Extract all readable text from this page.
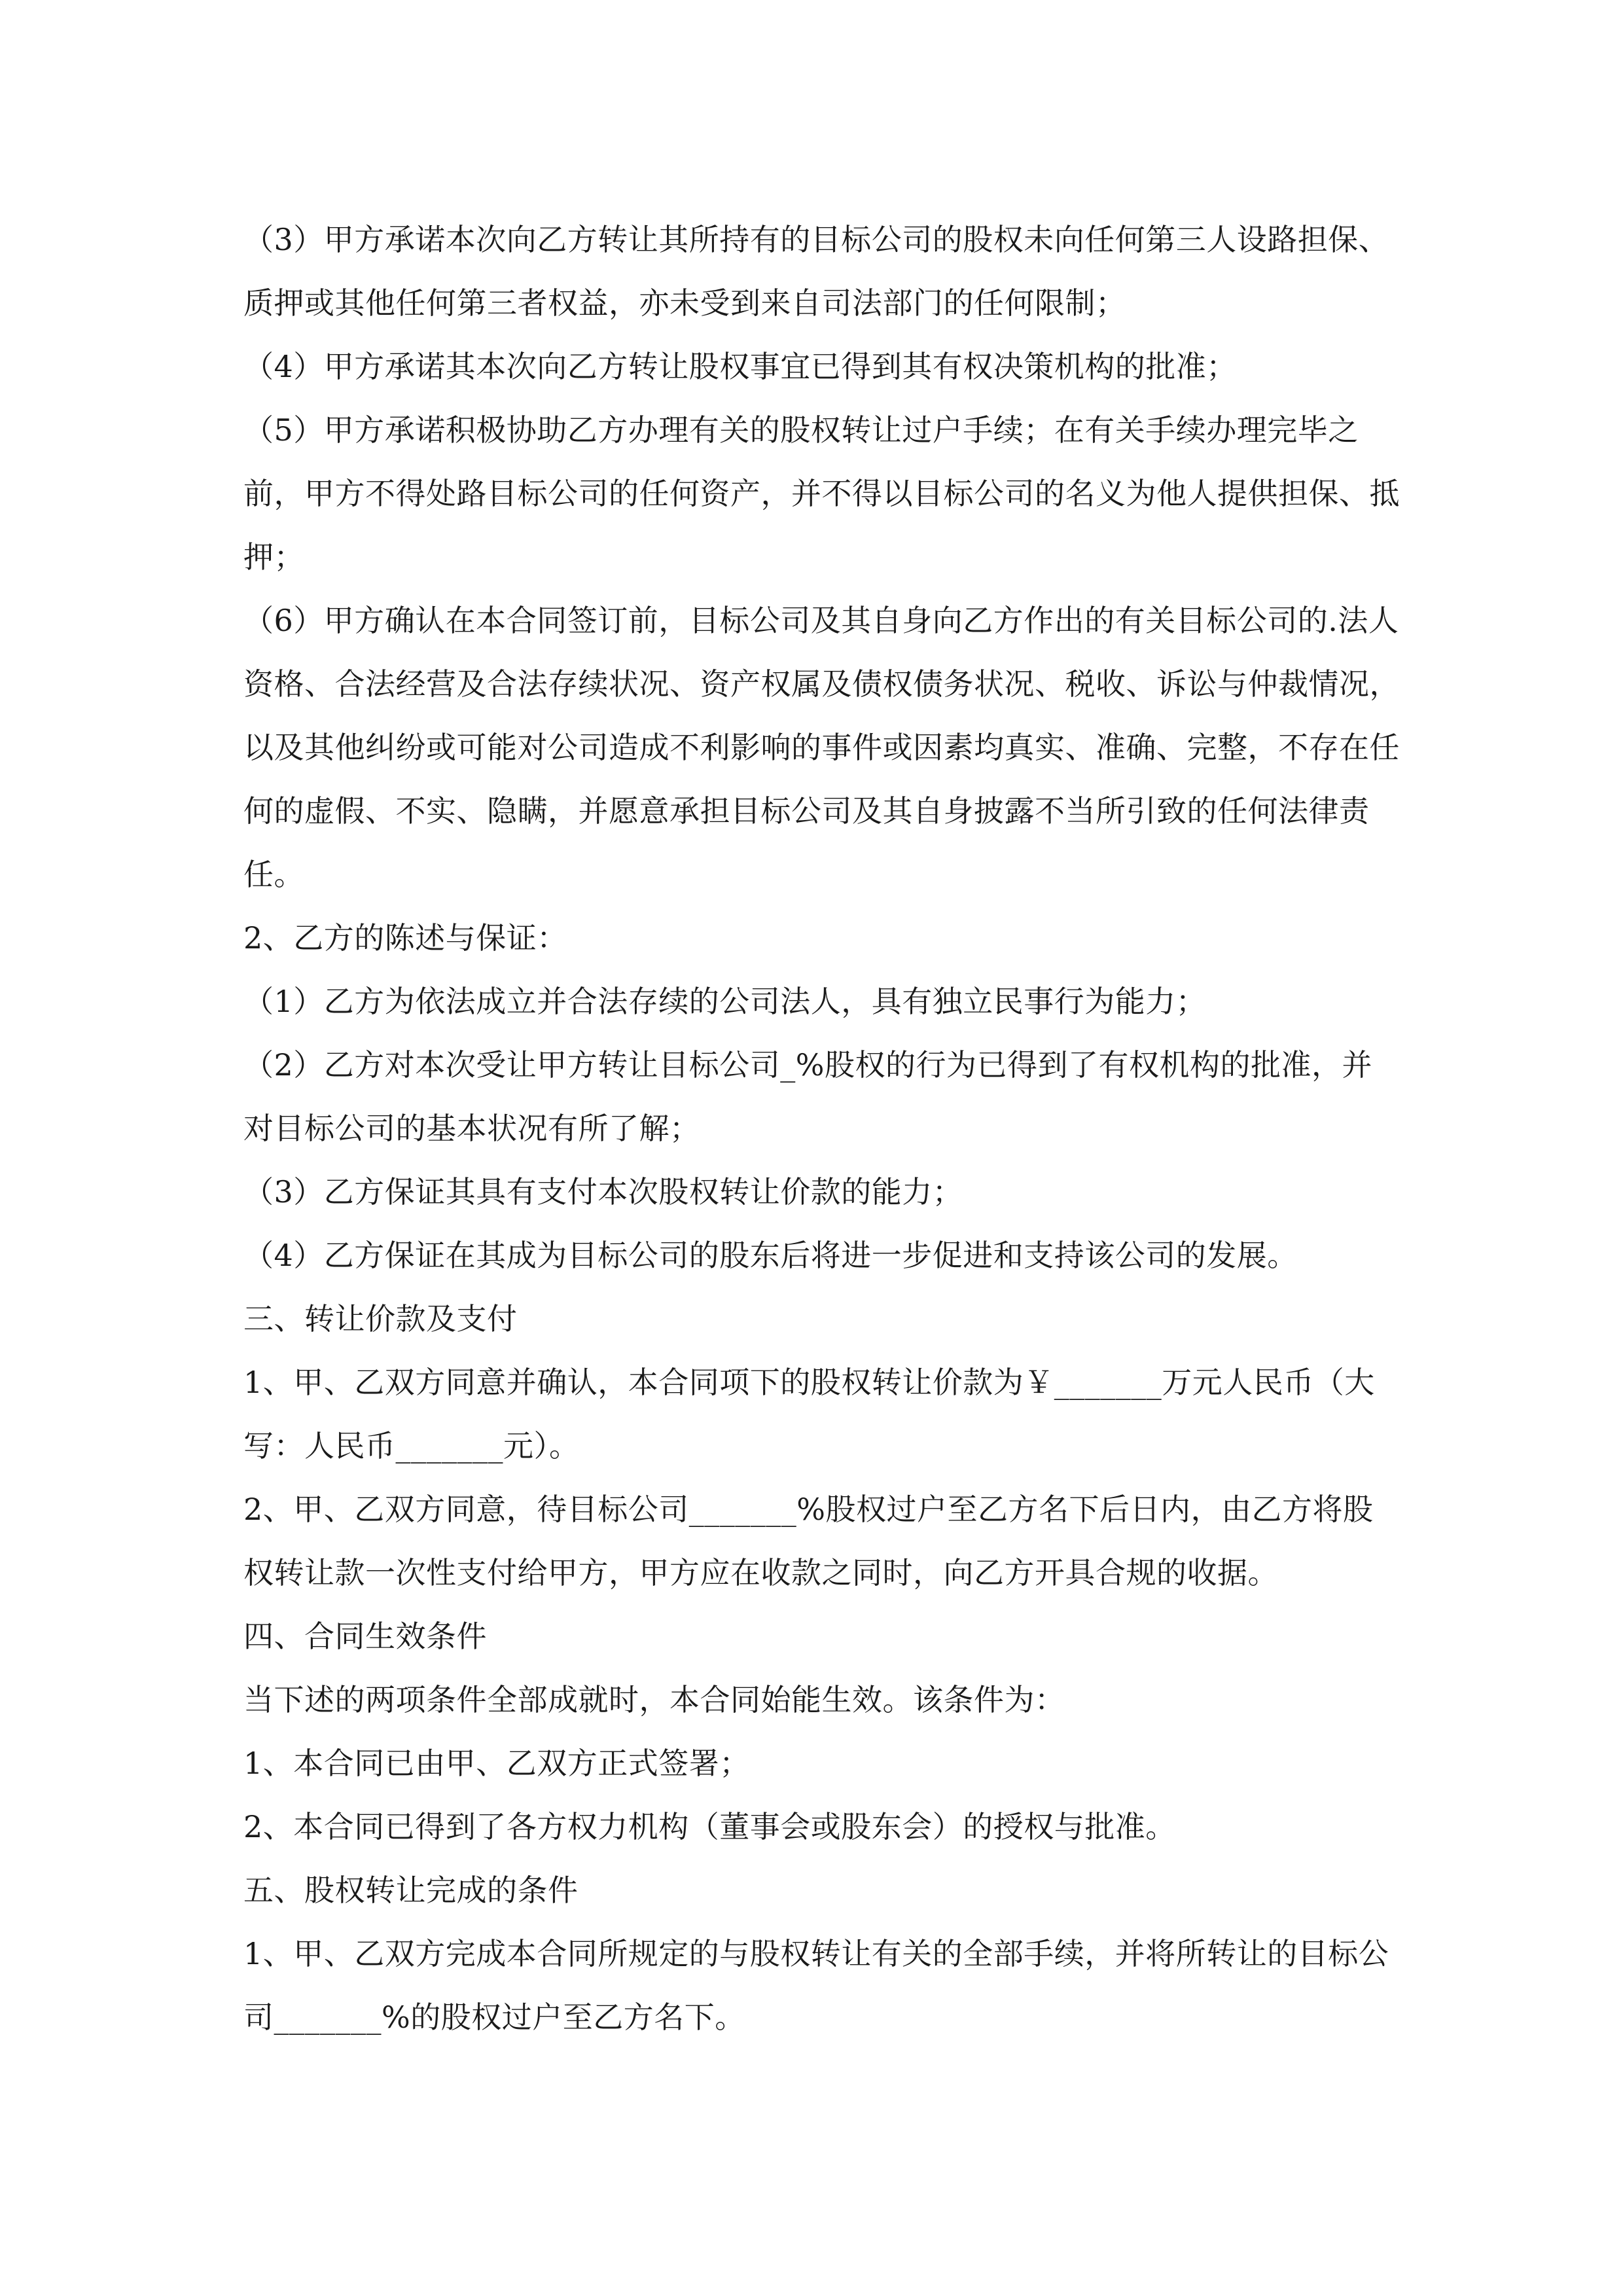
（3）甲方承诺本次向乙方转让其所持有的目标公司的股权未向任何第三人设路担保、质押或其他任何第三者权益，亦未受到来自司法部门的任何限制；

（4）甲方承诺其本次向乙方转让股权事宜已得到其有权决策机构的批准；

（5）甲方承诺积极协助乙方办理有关的股权转让过户手续；在有关手续办理完毕之前，甲方不得处路目标公司的任何资产，并不得以目标公司的名义为他人提供担保、抵押；

（6）甲方确认在本合同签订前，目标公司及其自身向乙方作出的有关目标公司的.法人资格、合法经营及合法存续状况、资产权属及债权债务状况、税收、诉讼与仲裁情况，以及其他纠纷或可能对公司造成不利影响的事件或因素均真实、准确、完整，不存在任何的虚假、不实、隐瞒，并愿意承担目标公司及其自身披露不当所引致的任何法律责任。

2、乙方的陈述与保证：

（1）乙方为依法成立并合法存续的公司法人，具有独立民事行为能力；

（2）乙方对本次受让甲方转让目标公司_%股权的行为已得到了有权机构的批准，并对目标公司的基本状况有所了解；

（3）乙方保证其具有支付本次股权转让价款的能力；

（4）乙方保证在其成为目标公司的股东后将进一步促进和支持该公司的发展。

三、转让价款及支付

1、甲、乙双方同意并确认，本合同项下的股权转让价款为￥_______万元人民币（大写：人民币_______元）。

2、甲、乙双方同意，待目标公司_______%股权过户至乙方名下后日内，由乙方将股权转让款一次性支付给甲方，甲方应在收款之同时，向乙方开具合规的收据。

四、合同生效条件

当下述的两项条件全部成就时，本合同始能生效。该条件为：

1、本合同已由甲、乙双方正式签署；

2、本合同已得到了各方权力机构（董事会或股东会）的授权与批准。

五、股权转让完成的条件

1、甲、乙双方完成本合同所规定的与股权转让有关的全部手续，并将所转让的目标公司_______%的股权过户至乙方名下。
